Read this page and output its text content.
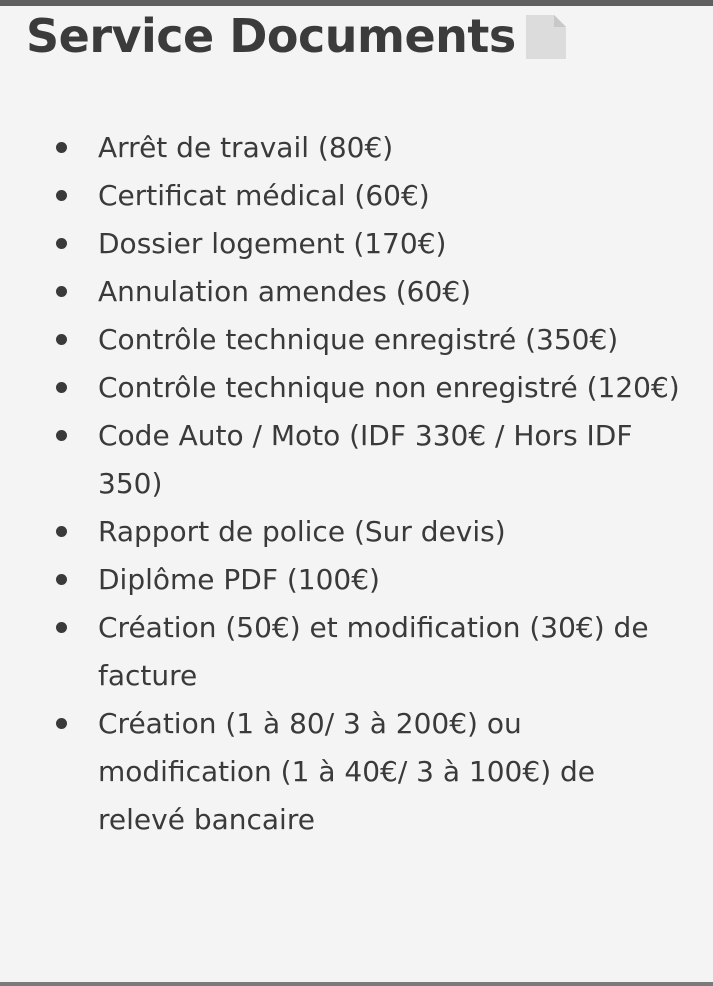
Service Documents
Arrêt de travail (80€)
Certificat médical (60€)
Dossier logement (170€)
Annulation amendes (60€)
Contrôle technique enregistré (350€)
Contrôle technique non enregistré (120€)
Code Auto / Moto (IDF 330€ / Hors IDF 350)
Rapport de police (Sur devis)
Diplôme PDF (100€)
Création (50€) et modification (30€) de facture
Création (1 à 80/ 3 à 200€) ou modification (1 à 40€/ 3 à 100€) de relevé bancaire
